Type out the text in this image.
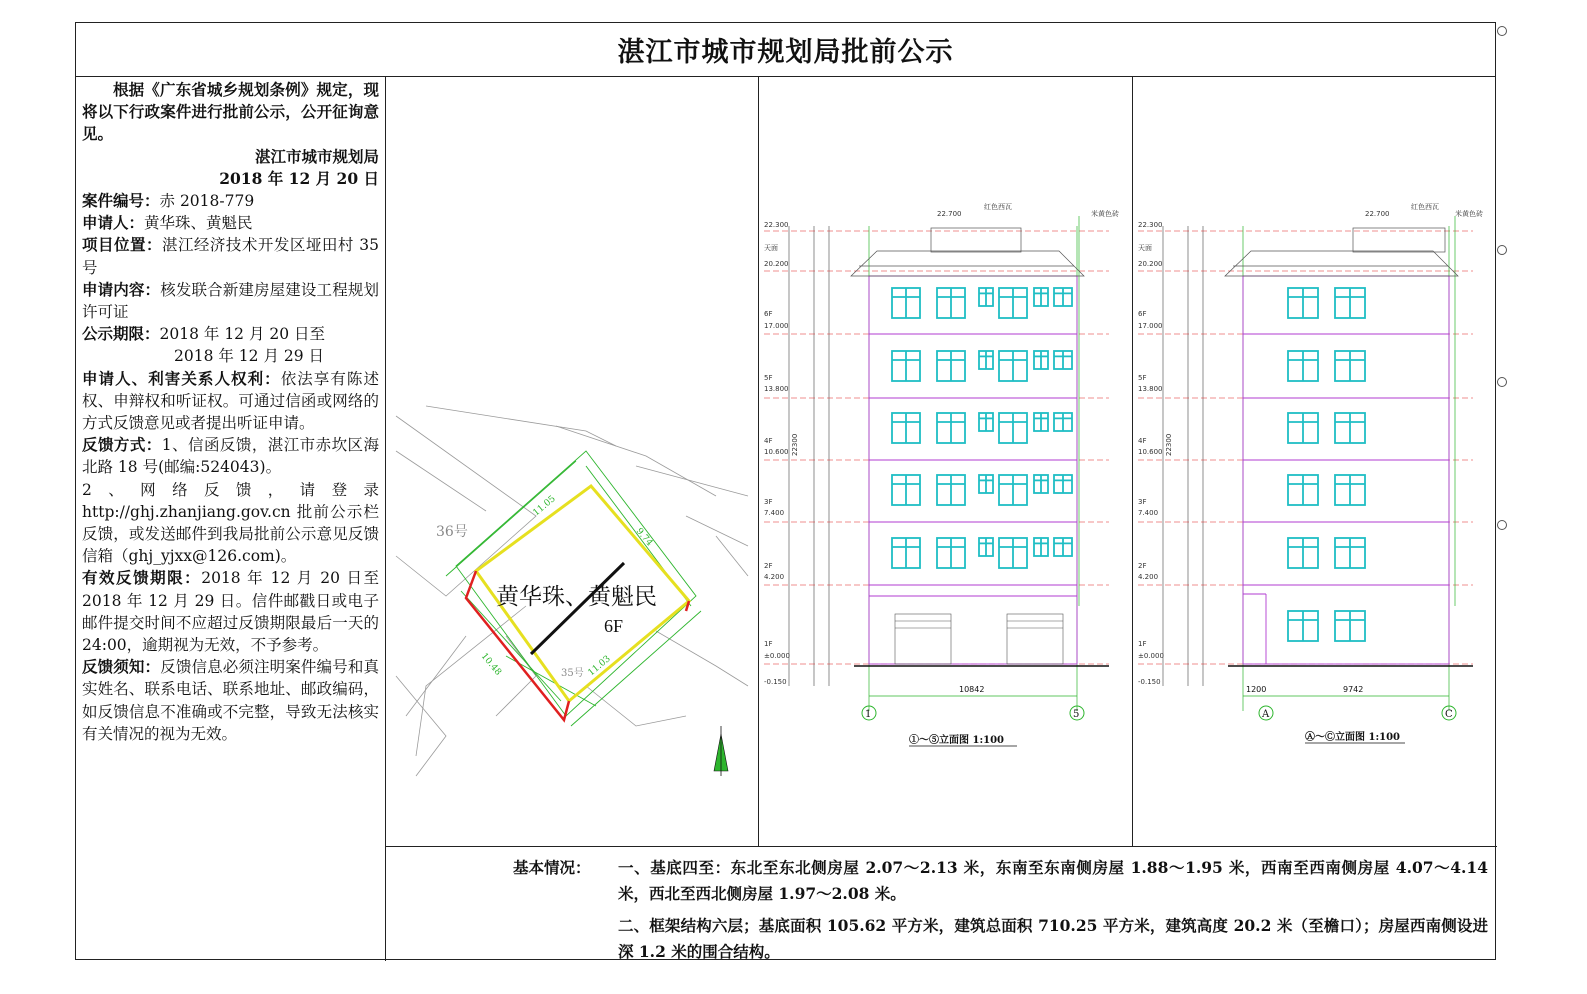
湛江市城市规划局批前公示

根据《广东省城乡规划条例》规定，现将以下行政案件进行批前公示，公开征询意见。

湛江市城市规划局

2018 年 12 月 20 日

案件编号：赤 2018-779

申请人：黄华珠、黄魁民

项目位置：湛江经济技术开发区垭田村 35 号

申请内容：核发联合新建房屋建设工程规划许可证

公示期限：2018 年 12 月 20 日至

2018 年 12 月 29 日

申请人、利害关系人权利：依法享有陈述权、申辩权和听证权。可通过信函或网络的方式反馈意见或者提出听证申请。

反馈方式：1、信函反馈，湛江市赤坎区海北路 18 号(邮编:524043)。

2、网络反馈，请登录 http://ghj.zhanjiang.gov.cn 批前公示栏反馈，或发送邮件到我局批前公示意见反馈信箱（ghj_yjxx@126.com)。

有效反馈期限：2018 年 12 月 20 日至 2018 年 12 月 29 日。信件邮戳日或电子邮件提交时间不应超过反馈期限最后一天的 24:00，逾期视为无效，不予参考。

反馈须知：反馈信息必须注明案件编号和真实姓名、联系电话、联系地址、邮政编码，如反馈信息不准确或不完整，导致无法核实有关情况的视为无效。

黄华珠、黄魁民
6F
36号
35号
11.05
11.03
9.74
10.48
22.300
天面
20.200
6F
17.000
5F
13.800
4F
10.600
3F
7.400
2F
4.200
1F
±0.000
-0.150
22.700
红色西瓦
米黄色砖
22300
10842
1	5
①～⑤立面图 1:100
22.300
天面
20.200
6F
17.000
5F
13.800
4F
10.600
3F
7.400
2F
4.200
1F
±0.000
-0.150
22.700
红色西瓦
米黄色砖
22300
1200	9742
A	C
Ⓐ～Ⓒ立面图 1:100
基本情况： 一、基底四至：东北至东北侧房屋 2.07～2.13 米，东南至东南侧房屋 1.88～1.95 米，西南至西南侧房屋 4.07～4.14 米，西北至西北侧房屋 1.97～2.08 米。

二、框架结构六层；基底面积 105.62 平方米，建筑总面积 710.25 平方米，建筑高度 20.2 米（至檐口）；房屋西南侧设进深 1.2 米的围合结构。
